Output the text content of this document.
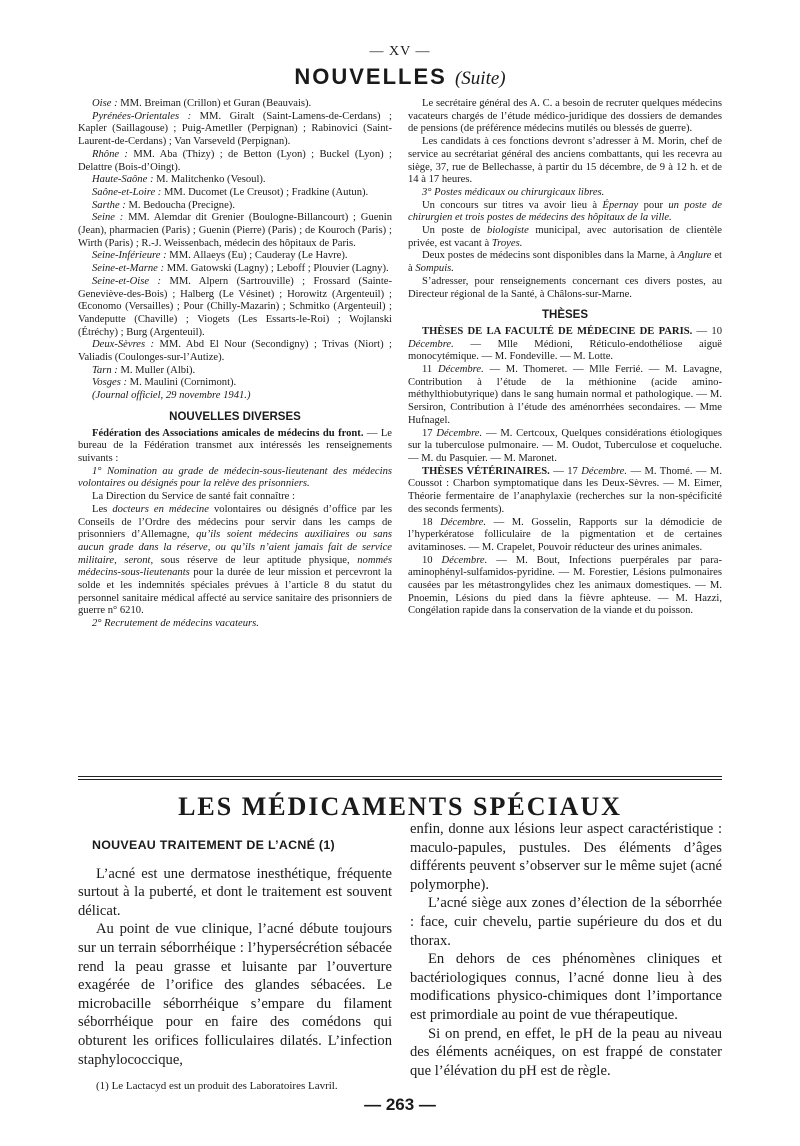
— XV —
NOUVELLES (Suite)

Oise : MM. Breiman (Crillon) et Guran (Beauvais).

Pyrénées-Orientales : MM. Giralt (Saint-Lamens-de-Cerdans) ; Kapler (Saillagouse) ; Puig-Ametller (Perpignan) ; Rabinovici (Saint-Laurent-de-Cerdans) ; Van Varseveld (Perpignan).

Rhône : MM. Aba (Thizy) ; de Betton (Lyon) ; Buckel (Lyon) ; Delattre (Bois-d’Oingt).

Haute-Saône : M. Malitchenko (Vesoul).

Saône-et-Loire : MM. Ducomet (Le Creusot) ; Fradkine (Autun).

Sarthe : M. Bedoucha (Precigne).

Seine : MM. Alemdar dit Grenier (Boulogne-Billancourt) ; Guenin (Jean), pharmacien (Paris) ; Guenin (Pierre) (Paris) ; de Kouroch (Paris) ; Wirth (Paris) ; R.-J. Weissenbach, médecin des hôpitaux de Paris.

Seine-Inférieure : MM. Allaeys (Eu) ; Cauderay (Le Havre).

Seine-et-Marne : MM. Gatowski (Lagny) ; Leboff ; Plouvier (Lagny).

Seine-et-Oise : MM. Alpern (Sartrouville) ; Frossard (Sainte-Geneviève-des-Bois) ; Halberg (Le Vésinet) ; Horowitz (Argenteuil) ; Œconomo (Versailles) ; Pour (Chilly-Mazarin) ; Schmitko (Argenteuil) ; Vandeputte (Chaville) ; Viogets (Les Essarts-le-Roi) ; Wojlanski (Étréchy) ; Burg (Argenteuil).

Deux-Sèvres : MM. Abd El Nour (Secondigny) ; Trivas (Niort) ; Valiadis (Coulonges-sur-l’Autize).

Tarn : M. Muller (Albi).

Vosges : M. Maulini (Cornimont).

(Journal officiel, 29 novembre 1941.)

NOUVELLES DIVERSES

Fédération des Associations amicales de médecins du front. — Le bureau de la Fédération transmet aux intéressés les renseignements suivants :

1° Nomination au grade de médecin-sous-lieutenant des médecins volontaires ou désignés pour la relève des prisonniers.

La Direction du Service de santé fait connaître :

Les docteurs en médecine volontaires ou désignés d’office par les Conseils de l’Ordre des médecins pour servir dans les camps de prisonniers d’Allemagne, qu’ils soient médecins auxiliaires ou sans aucun grade dans la réserve, ou qu’ils n’aient jamais fait de service militaire, seront, sous réserve de leur aptitude physique, nommés médecins-sous-lieutenants pour la durée de leur mission et percevront la solde et les indemnités spéciales prévues à l’article 8 du statut du personnel sanitaire médical affecté au service sanitaire des prisonniers de guerre n° 6210.

2° Recrutement de médecins vacateurs.

Le secrétaire général des A. C. a besoin de recruter quelques médecins vacateurs chargés de l’étude médico-juridique des dossiers de demandes de pensions (de préférence médecins mutilés ou blessés de guerre).

Les candidats à ces fonctions devront s’adresser à M. Morin, chef de service au secrétariat général des anciens combattants, qui les recevra au siège, 37, rue de Bellechasse, à partir du 15 décembre, de 9 à 12 h. et de 14 à 17 heures.

3° Postes médicaux ou chirurgicaux libres.

Un concours sur titres va avoir lieu à Épernay pour un poste de chirurgien et trois postes de médecins des hôpitaux de la ville.

Un poste de biologiste municipal, avec autorisation de clientèle privée, est vacant à Troyes.

Deux postes de médecins sont disponibles dans la Marne, à Anglure et à Sompuis.

S’adresser, pour renseignements concernant ces divers postes, au Directeur régional de la Santé, à Châlons-sur-Marne.

THÈSES

THÈSES DE LA FACULTÉ DE MÉDECINE DE PARIS. — 10 Décembre. — Mlle Médioni, Réticulo-endothéliose aiguë monocytémique. — M. Fondeville. — M. Lotte.

11 Décembre. — M. Thomeret. — Mlle Ferrié. — M. Lavagne, Contribution à l’étude de la méthionine (acide amino-méthylthiobutyrique) dans le sang humain normal et pathologique. — M. Sersiron, Contribution à l’étude des aménorrhées secondaires. — Mme Hufnagel.

17 Décembre. — M. Certcoux, Quelques considérations étiologiques sur la tuberculose pulmonaire. — M. Oudot, Tuberculose et coqueluche. — M. du Pasquier. — M. Maronet.

THÈSES VÉTÉRINAIRES. — 17 Décembre. — M. Thomé. — M. Coussot : Charbon symptomatique dans les Deux-Sèvres. — M. Eimer, Théorie fermentaire de l’anaphylaxie (recherches sur la non-spécificité des seconds ferments).

18 Décembre. — M. Gosselin, Rapports sur la démodicie de l’hyperkératose folliculaire de la pigmentation et de certaines avitaminoses. — M. Crapelet, Pouvoir réducteur des urines animales.

10 Décembre. — M. Bout, Infections puerpérales par para-aminophényl-sulfamidos-pyridine. — M. Forestier, Lésions pulmonaires causées par les métastrongylides chez les animaux domestiques. — M. Pnoemin, Lésions du pied dans la fièvre aphteuse. — M. Hazzi, Congélation rapide dans la conservation de la viande et du poisson.

LES MÉDICAMENTS SPÉCIAUX

NOUVEAU TRAITEMENT DE L’ACNÉ (1)

L’acné est une dermatose inesthétique, fréquente surtout à la puberté, et dont le traitement est souvent délicat.

Au point de vue clinique, l’acné débute toujours sur un terrain séborrhéique : l’hypersécrétion sébacée rend la peau grasse et luisante par l’ouverture exagérée de l’orifice des glandes sébacées. Le microbacille séborrhéique s’empare du filament séborrhéique pour en faire des comédons qui obturent les orifices folliculaires dilatés. L’infection staphylococcique,

(1) Le Lactacyd est un produit des Laboratoires Lavril.

enfin, donne aux lésions leur aspect caractéristique : maculo-papules, pustules. Des éléments d’âges différents peuvent s’observer sur le même sujet (acné polymorphe).

L’acné siège aux zones d’élection de la séborrhée : face, cuir chevelu, partie supérieure du dos et du thorax.

En dehors de ces phénomènes cliniques et bactériologiques connus, l’acné donne lieu à des modifications physico-chimiques dont l’importance est primordiale au point de vue thérapeutique.

Si on prend, en effet, le pH de la peau au niveau des éléments acnéiques, on est frappé de constater que l’élévation du pH est de règle.

— 263 —
